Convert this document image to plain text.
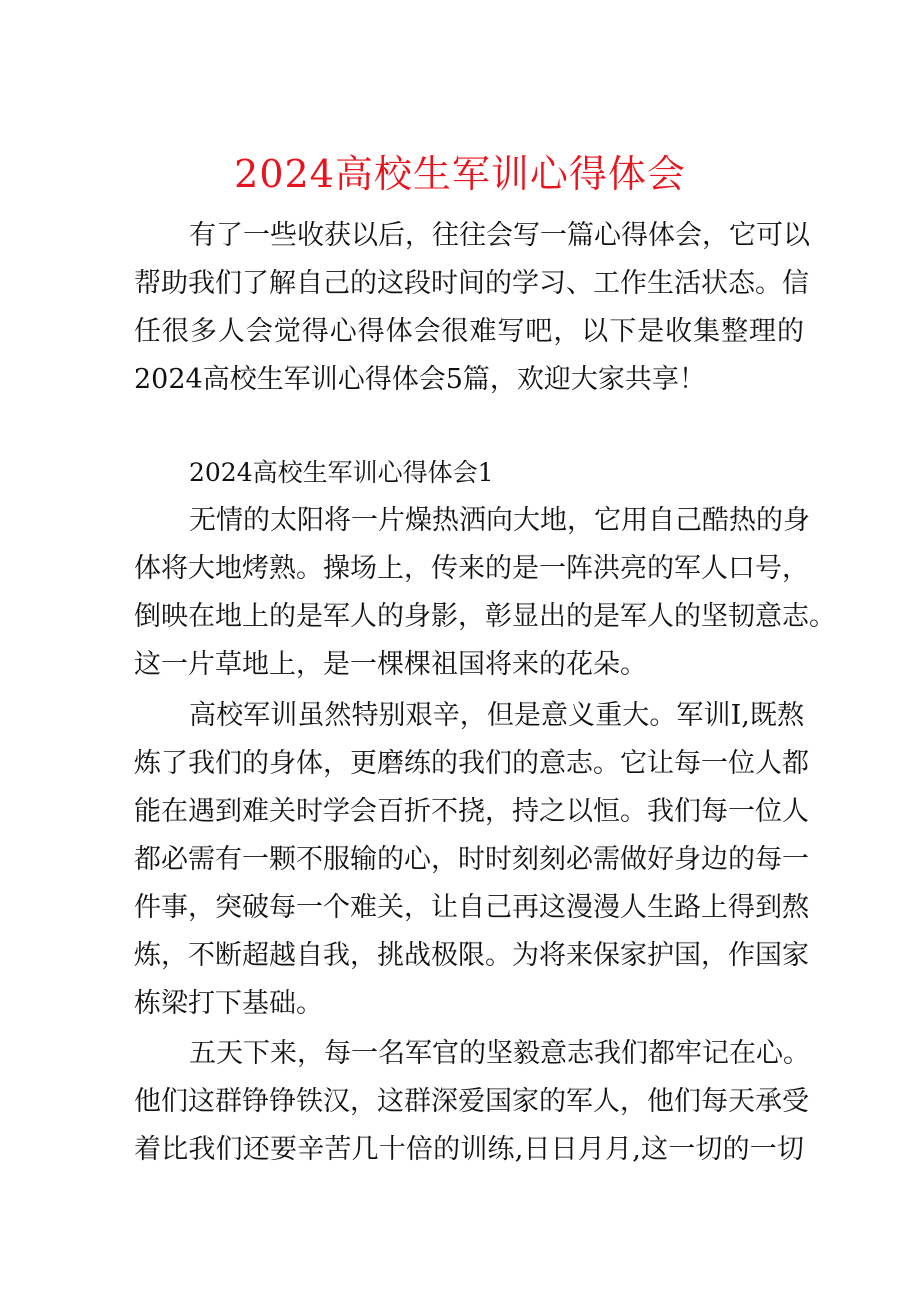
2024高校生军训心得体会
有了一些收获以后，往往会写一篇心得体会，它可以
帮助我们了解自己的这段时间的学习、工作生活状态。信
任很多人会觉得心得体会很难写吧，以下是收集整理的
2024高校生军训心得体会5篇，欢迎大家共享！
2024高校生军训心得体会1
无情的太阳将一片燥热洒向大地，它用自己酷热的身
体将大地烤熟。操场上，传来的是一阵洪亮的军人口号，
倒映在地上的是军人的身影，彰显出的是军人的坚韧意志。
这一片草地上，是一棵棵祖国将来的花朵。
高校军训虽然特别艰辛，但是意义重大。军训I,既熬
炼了我们的身体，更磨练的我们的意志。它让每一位人都
能在遇到难关时学会百折不挠，持之以恒。我们每一位人
都必需有一颗不服输的心，时时刻刻必需做好身边的每一
件事，突破每一个难关，让自己再这漫漫人生路上得到熬
炼，不断超越自我，挑战极限。为将来保家护国，作国家
栋梁打下基础。
五天下来，每一名军官的坚毅意志我们都牢记在心。
他们这群铮铮铁汉，这群深爱国家的军人，他们每天承受
着比我们还要辛苦几十倍的训练,日日月月,这一切的一切
